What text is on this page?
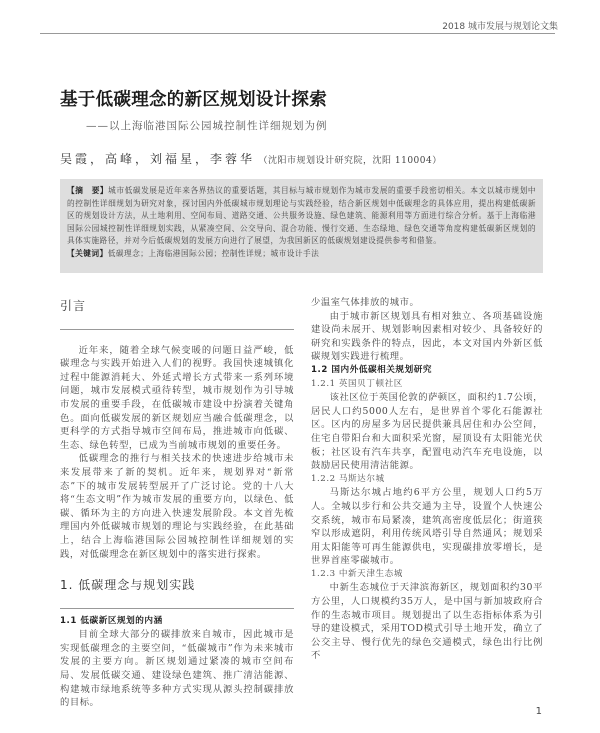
2018 城市发展与规划论文集
基于低碳理念的新区规划设计探索
——以上海临港国际公园城控制性详细规划为例
吴霞，高峰，刘福星，李蓉华 （沈阳市规划设计研究院，沈阳 110004）
【摘　要】城市低碳发展是近年来各界热议的重要话题，其目标与城市规划作为城市发展的重要手段密切相关。本文以城市规划中的控制性详细规划为研究对象，探讨国内外低碳城市规划理论与实践经验，结合新区规划中低碳理念的具体应用，提出构建低碳新区的规划设计方法，从土地利用、空间布局、道路交通、公共服务设施、绿色建筑、能源利用等方面进行综合分析。基于上海临港国际公园城控制性详细规划实践，从紧凑空间、公交导向、混合功能、慢行交通、生态绿地、绿色交通等角度构建低碳新区规划的具体实施路径，并对今后低碳规划的发展方向进行了展望，为我国新区的低碳规划建设提供参考和借鉴。
【关键词】低碳理念；上海临港国际公园；控制性详规；城市设计手法
引言

近年来，随着全球气候变暖的问题日益严峻，低碳理念与实践开始进入人们的视野。我国快速城镇化过程中能源消耗大、外延式增长方式带来一系列环境问题，城市发展模式亟待转型，城市规划作为引导城市发展的重要手段，在低碳城市建设中扮演着关键角色。面向低碳发展的新区规划应当融合低碳理念，以更科学的方式指导城市空间布局，推进城市向低碳、生态、绿色转型，已成为当前城市规划的重要任务。

低碳理念的推行与相关技术的快速进步给城市未来发展带来了新的契机。近年来，规划界对“新常态”下的城市发展转型展开了广泛讨论。党的十八大将“生态文明”作为城市发展的重要方向，以绿色、低碳、循环为主的方向进入快速发展阶段。本文首先梳理国内外低碳城市规划的理论与实践经验，在此基础上，结合上海临港国际公园城控制性详细规划的实践，对低碳理念在新区规划中的落实进行探索。

1. 低碳理念与规划实践
1.1 低碳新区规划的内涵

目前全球大部分的碳排放来自城市，因此城市是实现低碳理念的主要空间，“低碳城市”作为未来城市发展的主要方向。新区规划通过紧凑的城市空间布局、发展低碳交通、建设绿色建筑、推广清洁能源、构建城市绿地系统等多种方式实现从源头控制碳排放的目标。

少温室气体排放的城市。

由于城市新区规划具有相对独立、各项基础设施建设尚未展开、规划影响因素相对较少、具备较好的研究和实践条件的特点，因此，本文对国内外新区低碳规划实践进行梳理。

1.2 国内外低碳相关规划研究
1.2.1 英国贝丁顿社区

该社区位于英国伦敦的萨顿区，面积约1.7公顷，居民人口约5000人左右，是世界首个零化石能源社区。区内的房屋多为居民提供兼具居住和办公空间，住宅自带阳台和大面积采光窗，屋顶设有太阳能光伏板；社区设有汽车共享，配置电动汽车充电设施，以鼓励居民使用清洁能源。

1.2.2 马斯达尔城

马斯达尔城占地约6平方公里，规划人口约5万人。全城以步行和公共交通为主导，设置个人快速公交系统，城市布局紧凑，建筑高密度低层化；街道狭窄以形成遮阴，利用传统风塔引导自然通风；规划采用太阳能等可再生能源供电，实现碳排放零增长，是世界首座零碳城市。

1.2.3 中新天津生态城

中新生态城位于天津滨海新区，规划面积约30平方公里，人口规模约35万人，是中国与新加坡政府合作的生态城市项目。规划提出了以生态指标体系为引导的建设模式，采用TOD模式引导土地开发，确立了公交主导、慢行优先的绿色交通模式，绿色出行比例不

1
